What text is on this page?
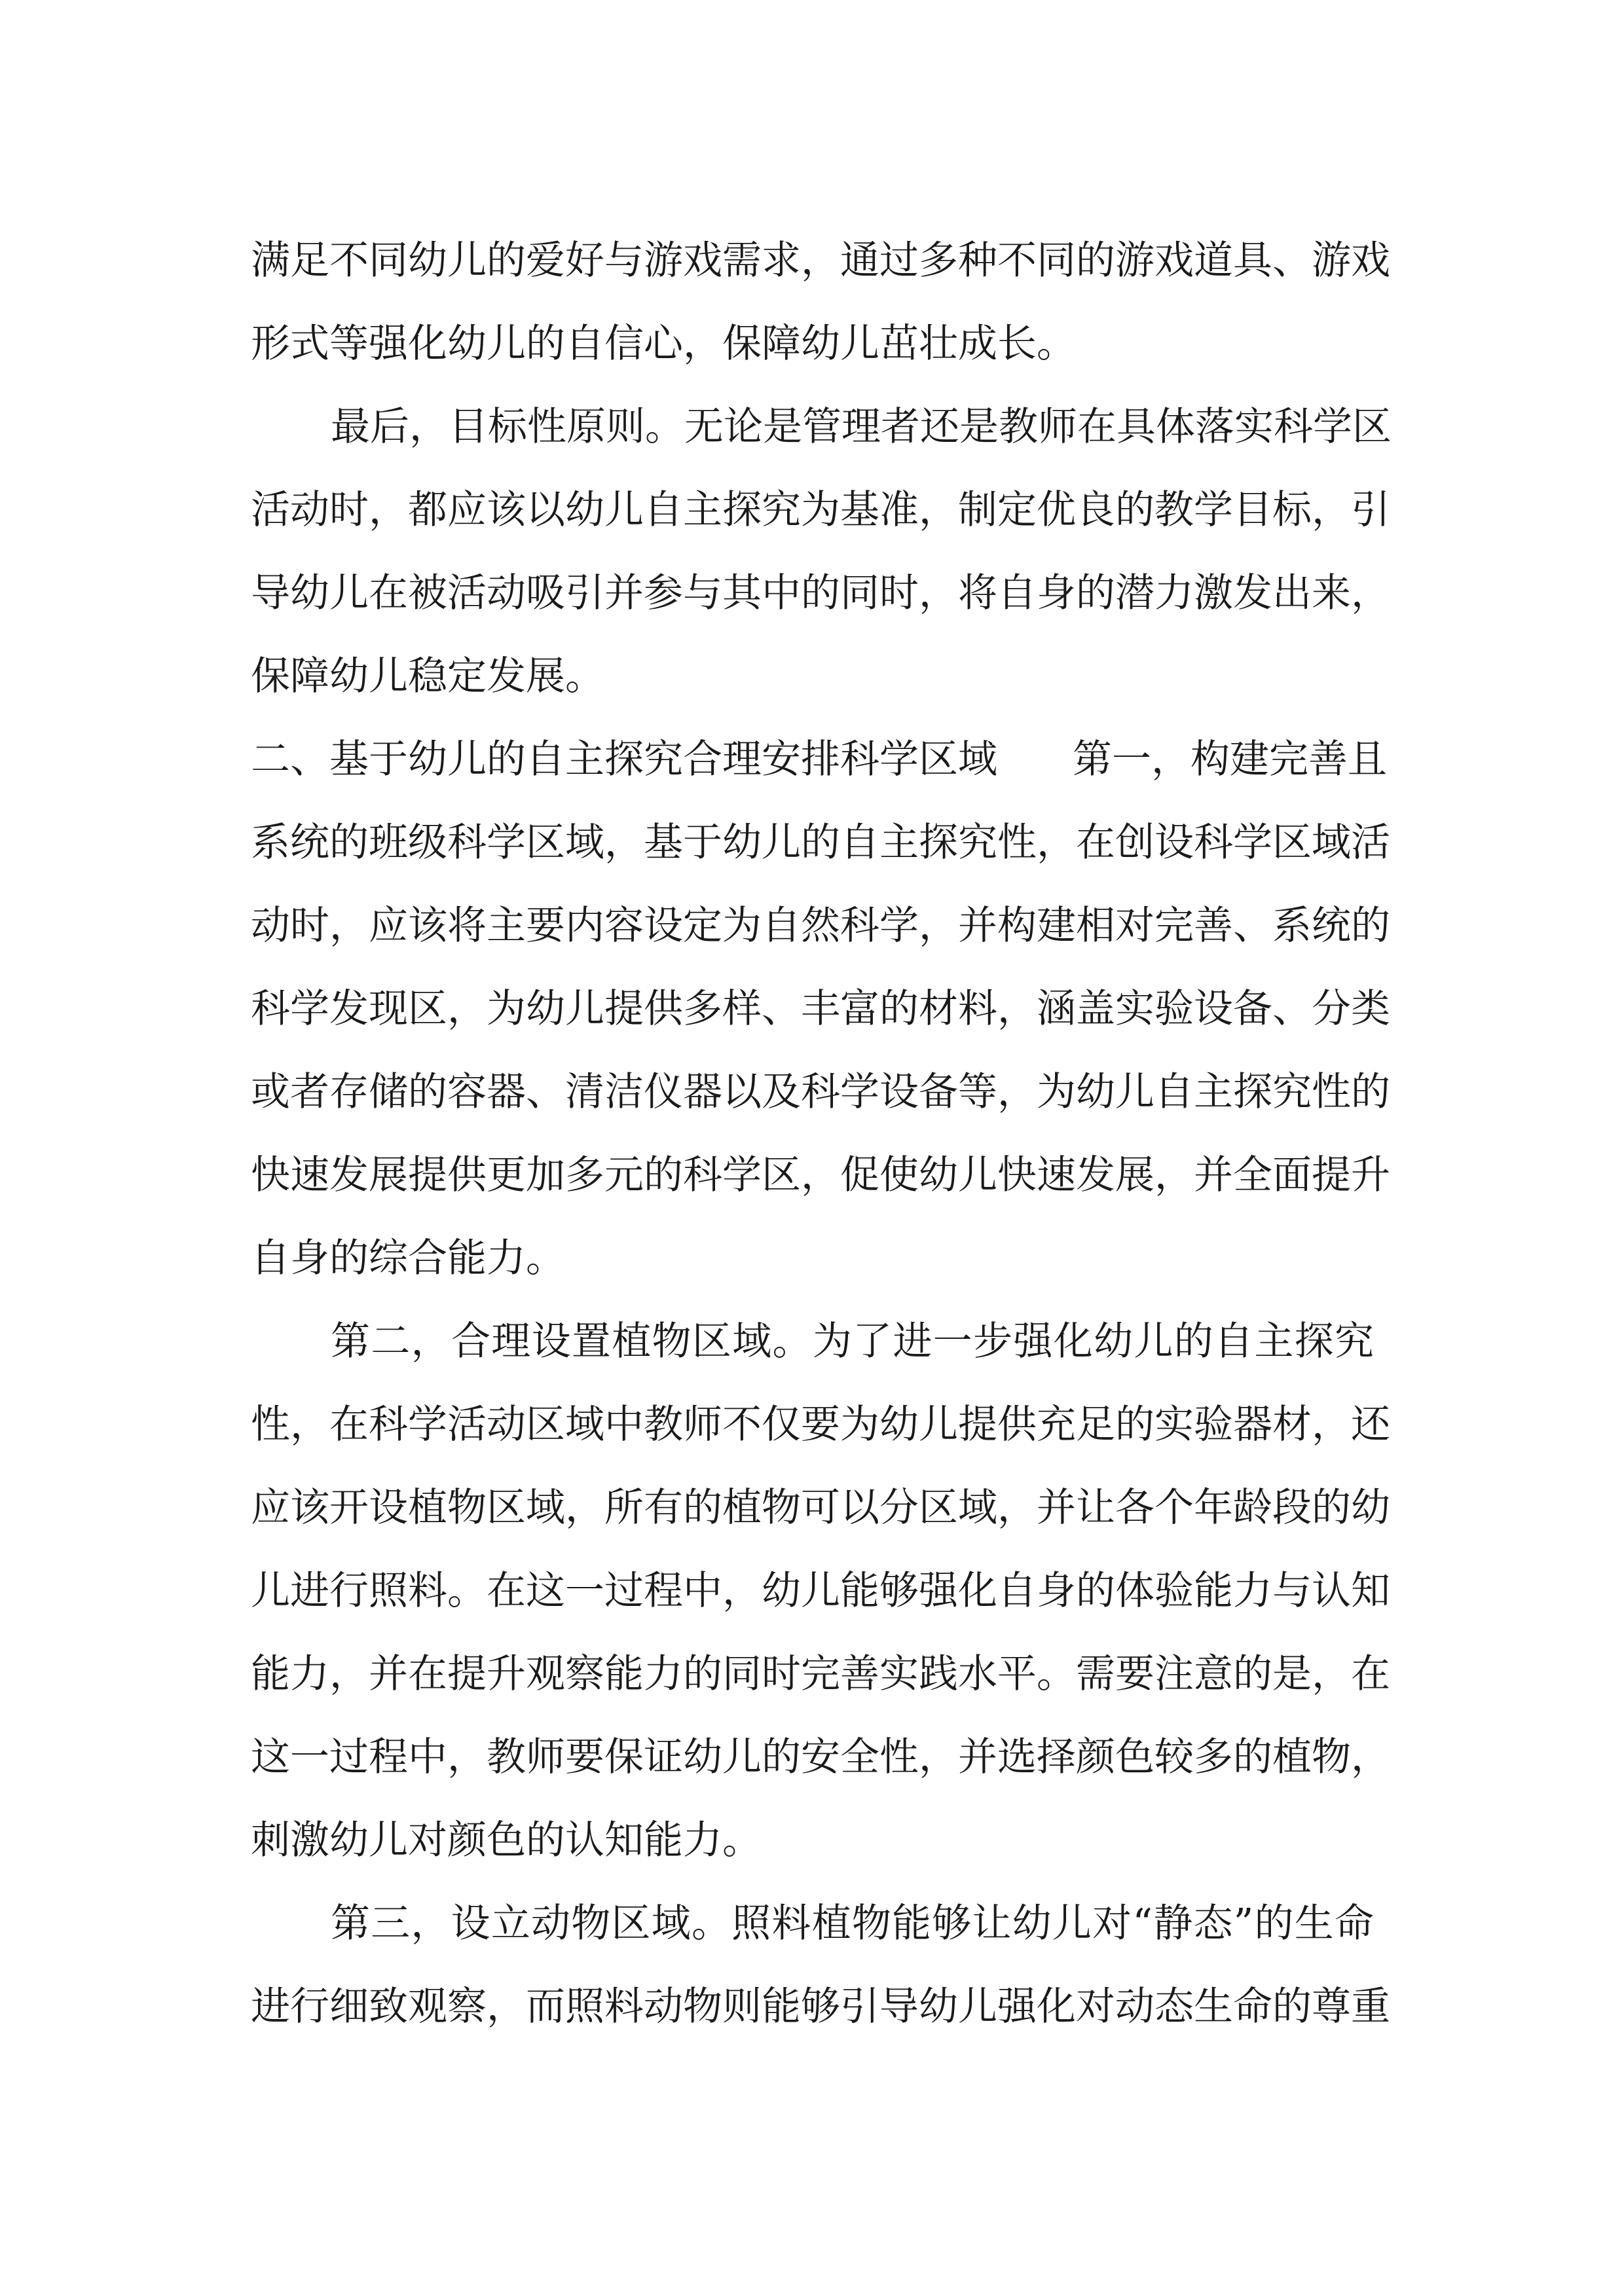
满足不同幼儿的爱好与游戏需求，通过多种不同的游戏道具、游戏
形式等强化幼儿的自信心，保障幼儿茁壮成长。
最后，目标性原则。无论是管理者还是教师在具体落实科学区
活动时，都应该以幼儿自主探究为基准，制定优良的教学目标，引
导幼儿在被活动吸引并参与其中的同时，将自身的潜力激发出来，
保障幼儿稳定发展。
二、基于幼儿的自主探究合理安排科学区域 第一，构建完善且
系统的班级科学区域，基于幼儿的自主探究性，在创设科学区域活
动时，应该将主要内容设定为自然科学，并构建相对完善、系统的
科学发现区，为幼儿提供多样、丰富的材料，涵盖实验设备、分类
或者存储的容器、清洁仪器以及科学设备等，为幼儿自主探究性的
快速发展提供更加多元的科学区，促使幼儿快速发展，并全面提升
自身的综合能力。
第二，合理设置植物区域。为了进一步强化幼儿的自主探究
性，在科学活动区域中教师不仅要为幼儿提供充足的实验器材，还
应该开设植物区域，所有的植物可以分区域，并让各个年龄段的幼
儿进行照料。在这一过程中，幼儿能够强化自身的体验能力与认知
能力，并在提升观察能力的同时完善实践水平。需要注意的是，在
这一过程中，教师要保证幼儿的安全性，并选择颜色较多的植物，
刺激幼儿对颜色的认知能力。
第三，设立动物区域。照料植物能够让幼儿对“静态”的生命
进行细致观察，而照料动物则能够引导幼儿强化对动态生命的尊重
